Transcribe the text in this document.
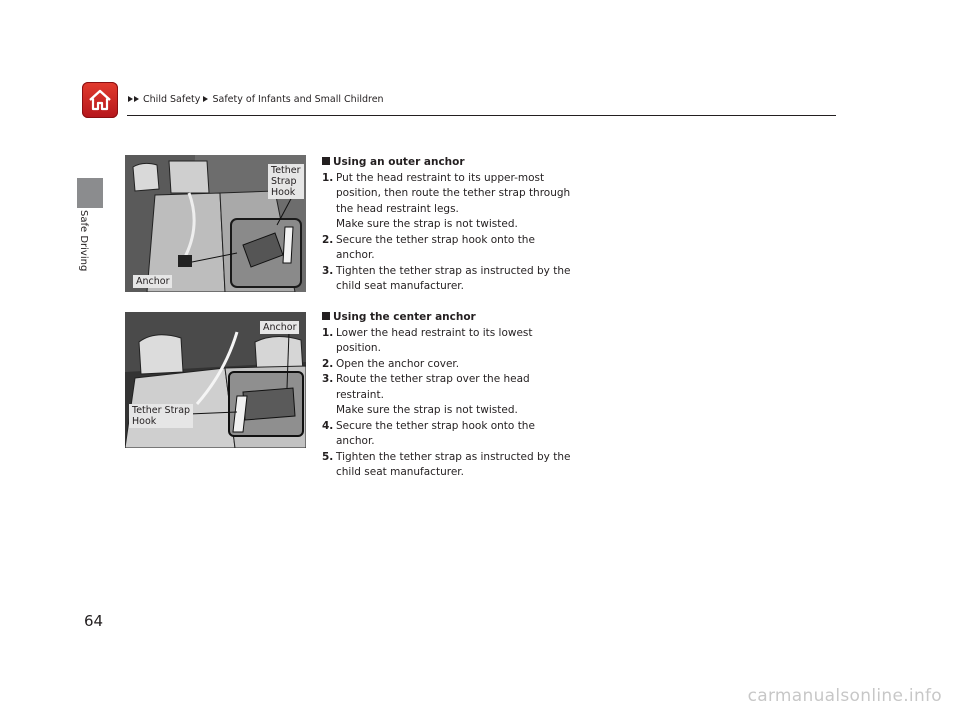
Child Safety Safety of Infants and Small Children
Safe Driving
Tether
Strap
Hook
Anchor
Anchor
Tether Strap
Hook
Using an outer anchor
1. Put the head restraint to its upper-most position, then route the tether strap through the head restraint legs.
Make sure the strap is not twisted.
2. Secure the tether strap hook onto the anchor.
3. Tighten the tether strap as instructed by the child seat manufacturer.
Using the center anchor
1. Lower the head restraint to its lowest position.
2. Open the anchor cover.
3. Route the tether strap over the head restraint.
Make sure the strap is not twisted.
4. Secure the tether strap hook onto the anchor.
5. Tighten the tether strap as instructed by the child seat manufacturer.
64
carmanualsonline.info
